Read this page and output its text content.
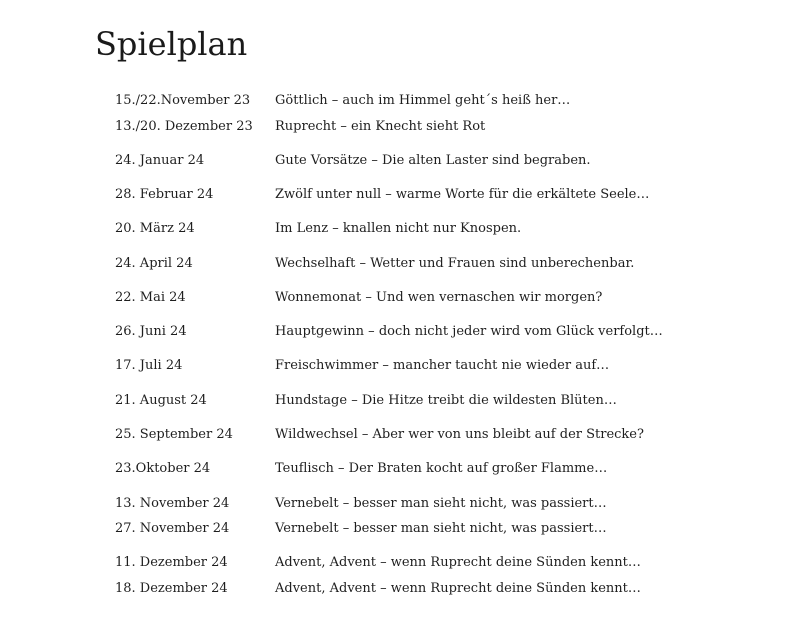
Spielplan
15./22.November 23 Göttlich – auch im Himmel geht´s heiß her…
13./20. Dezember 23 Ruprecht – ein Knecht sieht Rot
24. Januar 24	Gute Vorsätze – Die alten Laster sind begraben.
28. Februar 24	Zwölf unter null – warme Worte für die erkältete Seele…
20. März 24	Im Lenz – knallen nicht nur Knospen.
24. April 24	Wechselhaft – Wetter und Frauen sind unberechenbar.
22. Mai 24	Wonnemonat – Und wen vernaschen wir morgen?
26. Juni 24	Hauptgewinn – doch nicht jeder wird vom Glück verfolgt…
17. Juli 24	Freischwimmer – mancher taucht nie wieder auf…
21. August 24	Hundstage – Die Hitze treibt die wildesten Blüten…
25. September 24	Wildwechsel – Aber wer von uns bleibt auf der Strecke?
23.Oktober 24	Teuflisch – Der Braten kocht auf großer Flamme…
13. November 24	Vernebelt – besser man sieht nicht, was passiert…
27. November 24	Vernebelt – besser man sieht nicht, was passiert…
11. Dezember 24	Advent, Advent – wenn Ruprecht deine Sünden kennt…
18. Dezember 24	Advent, Advent – wenn Ruprecht deine Sünden kennt…
